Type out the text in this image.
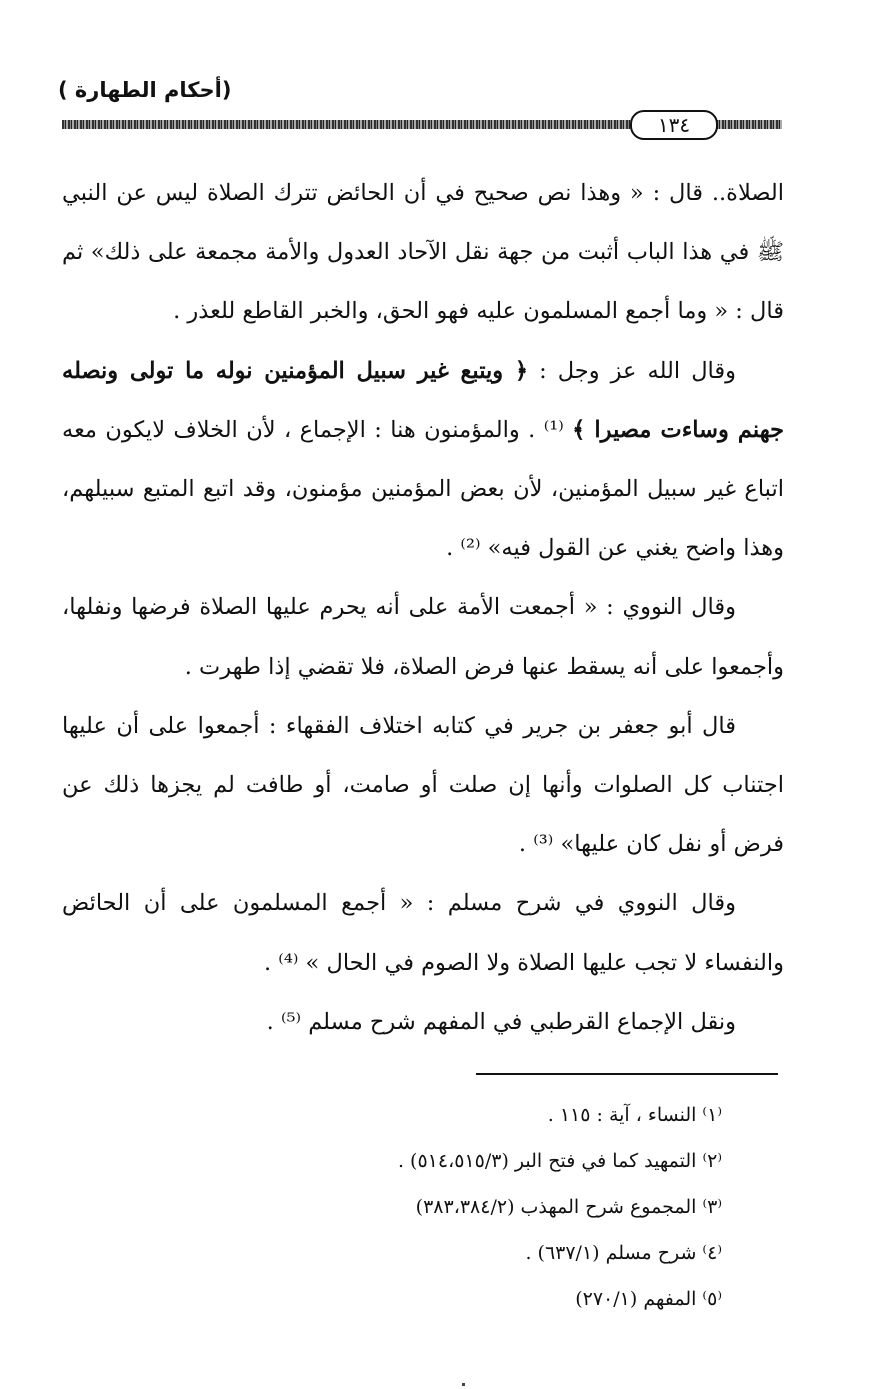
(أحكام الطهارة )
١٣٤

الصلاة.. قال : « وهذا نص صحيح في أن الحائض تترك الصلاة ليس عن النبي ﷺ في هذا الباب أثبت من جهة نقل الآحاد العدول والأمة مجمعة على ذلك» ثم قال : « وما أجمع المسلمون عليه فهو الحق، والخبر القاطع للعذر .

وقال الله عز وجل : ﴿ ويتبع غير سبيل المؤمنين نوله ما تولى ونصله جهنم وساءت مصيرا ﴾ ⁽¹⁾ . والمؤمنون هنا : الإجماع ، لأن الخلاف لايكون معه اتباع غير سبيل المؤمنين، لأن بعض المؤمنين مؤمنون، وقد اتبع المتبع سبيلهم، وهذا واضح يغني عن القول فيه» ⁽²⁾ .

وقال النووي : « أجمعت الأمة على أنه يحرم عليها الصلاة فرضها ونفلها، وأجمعوا على أنه يسقط عنها فرض الصلاة، فلا تقضي إذا طهرت .

قال أبو جعفر بن جرير في كتابه اختلاف الفقهاء : أجمعوا على أن عليها اجتناب كل الصلوات وأنها إن صلت أو صامت، أو طافت لم يجزها ذلك عن فرض أو نفل كان عليها» ⁽³⁾ .

وقال النووي في شرح مسلم : « أجمع المسلمون على أن الحائض والنفساء لا تجب عليها الصلاة ولا الصوم في الحال » ⁽⁴⁾ .

ونقل الإجماع القرطبي في المفهم شرح مسلم ⁽⁵⁾ .

⁽١⁾ النساء ، آية : ١١٥ .
⁽٢⁾ التمهيد كما في فتح البر (٥١٤،٥١٥/٣) .
⁽٣⁾ المجموع شرح المهذب (٣٨٣،٣٨٤/٢)
⁽٤⁾ شرح مسلم (٦٣٧/١) .
⁽٥⁾ المفهم (٢٧٠/١)
